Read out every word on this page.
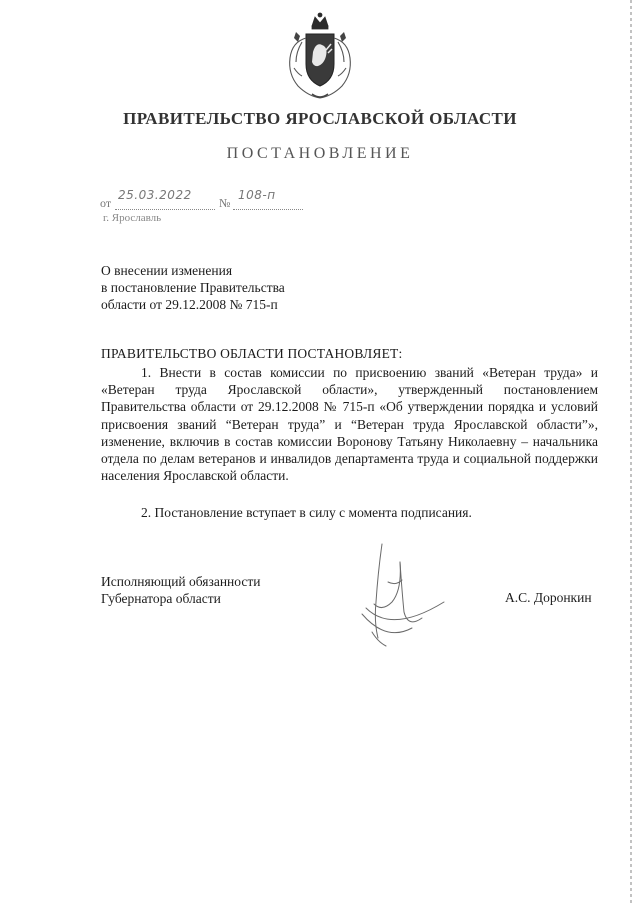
ПРАВИТЕЛЬСТВО ЯРОСЛАВСКОЙ ОБЛАСТИ
ПОСТАНОВЛЕНИЕ
от
25.03.2022
№
108-п
г. Ярославль
О внесении изменения
в постановление Правительства
области от 29.12.2008 № 715-п
ПРАВИТЕЛЬСТВО ОБЛАСТИ ПОСТАНОВЛЯЕТ:
1. Внести в состав комиссии по присвоению званий «Ветеран труда» и «Ветеран труда Ярославской области», утвержденный постановлением Правительства области от 29.12.2008 № 715-п «Об утверждении порядка и условий присвоения званий “Ветеран труда” и “Ветеран труда Ярославской области”», изменение, включив в состав комиссии Воронову Татьяну Николаевну – начальника отдела по делам ветеранов и инвалидов департамента труда и социальной поддержки населения Ярославской области.
2. Постановление вступает в силу с момента подписания.
Исполняющий обязанности
Губернатора области	А.С. Доронкин
